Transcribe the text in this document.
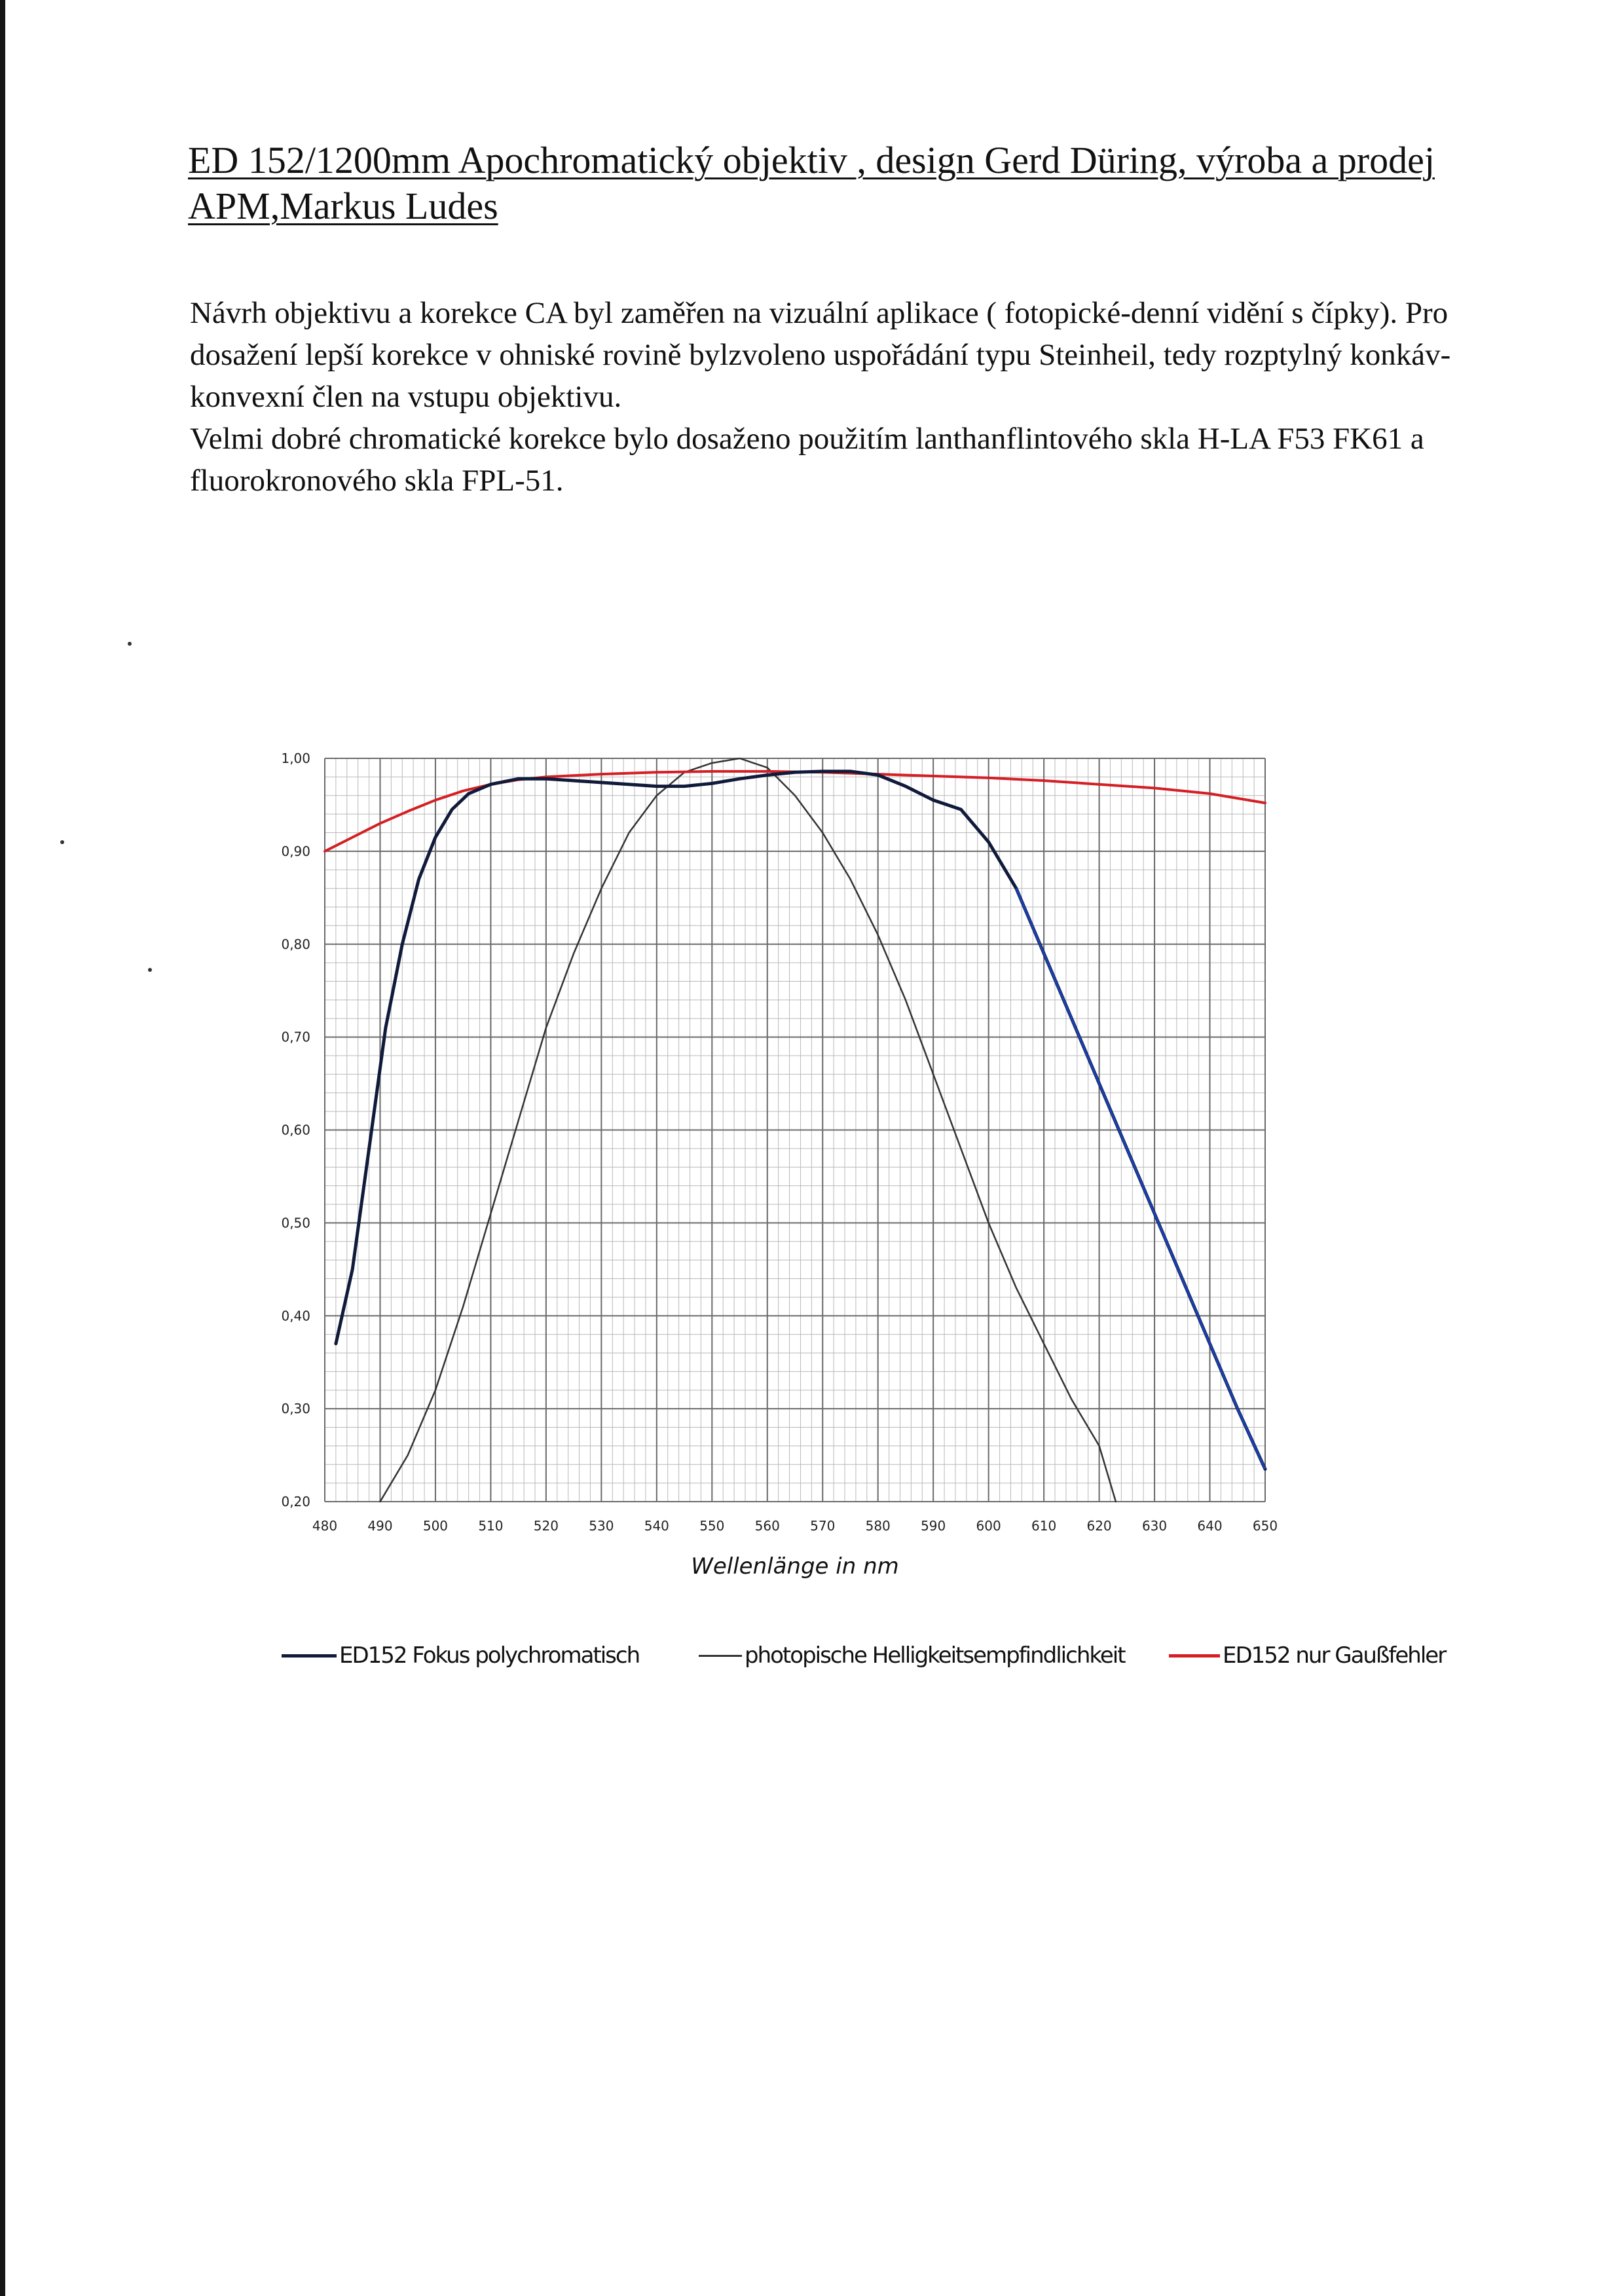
ED 152/1200mm Apochromatický objektiv , design Gerd Düring, výroba a prodej APM,Markus Ludes

Návrh objektivu a korekce CA byl zaměřen na vizuální aplikace ( fotopické-denní vidění s čípky). Pro dosažení lepší korekce v ohniské rovině bylzvoleno uspořádání typu Steinheil, tedy rozptylný konkáv-konvexní člen na vstupu objektivu.

Velmi dobré chromatické korekce bylo dosaženo použitím lanthanflintového skla H-LA F53 FK61 a fluorokronového skla FPL-51.

480 490 500 510 520 530 540 550 560 570 580 590 600 610 620 630 640 650
1,00
0,90
0,80
0,70
0,60
0,50
0,40
0,30
0,20
Wellenlänge in nm
ED152 Fokus polychromatisch	photopische Helligkeitsempfindlichkeit	ED152 nur Gaußfehler
